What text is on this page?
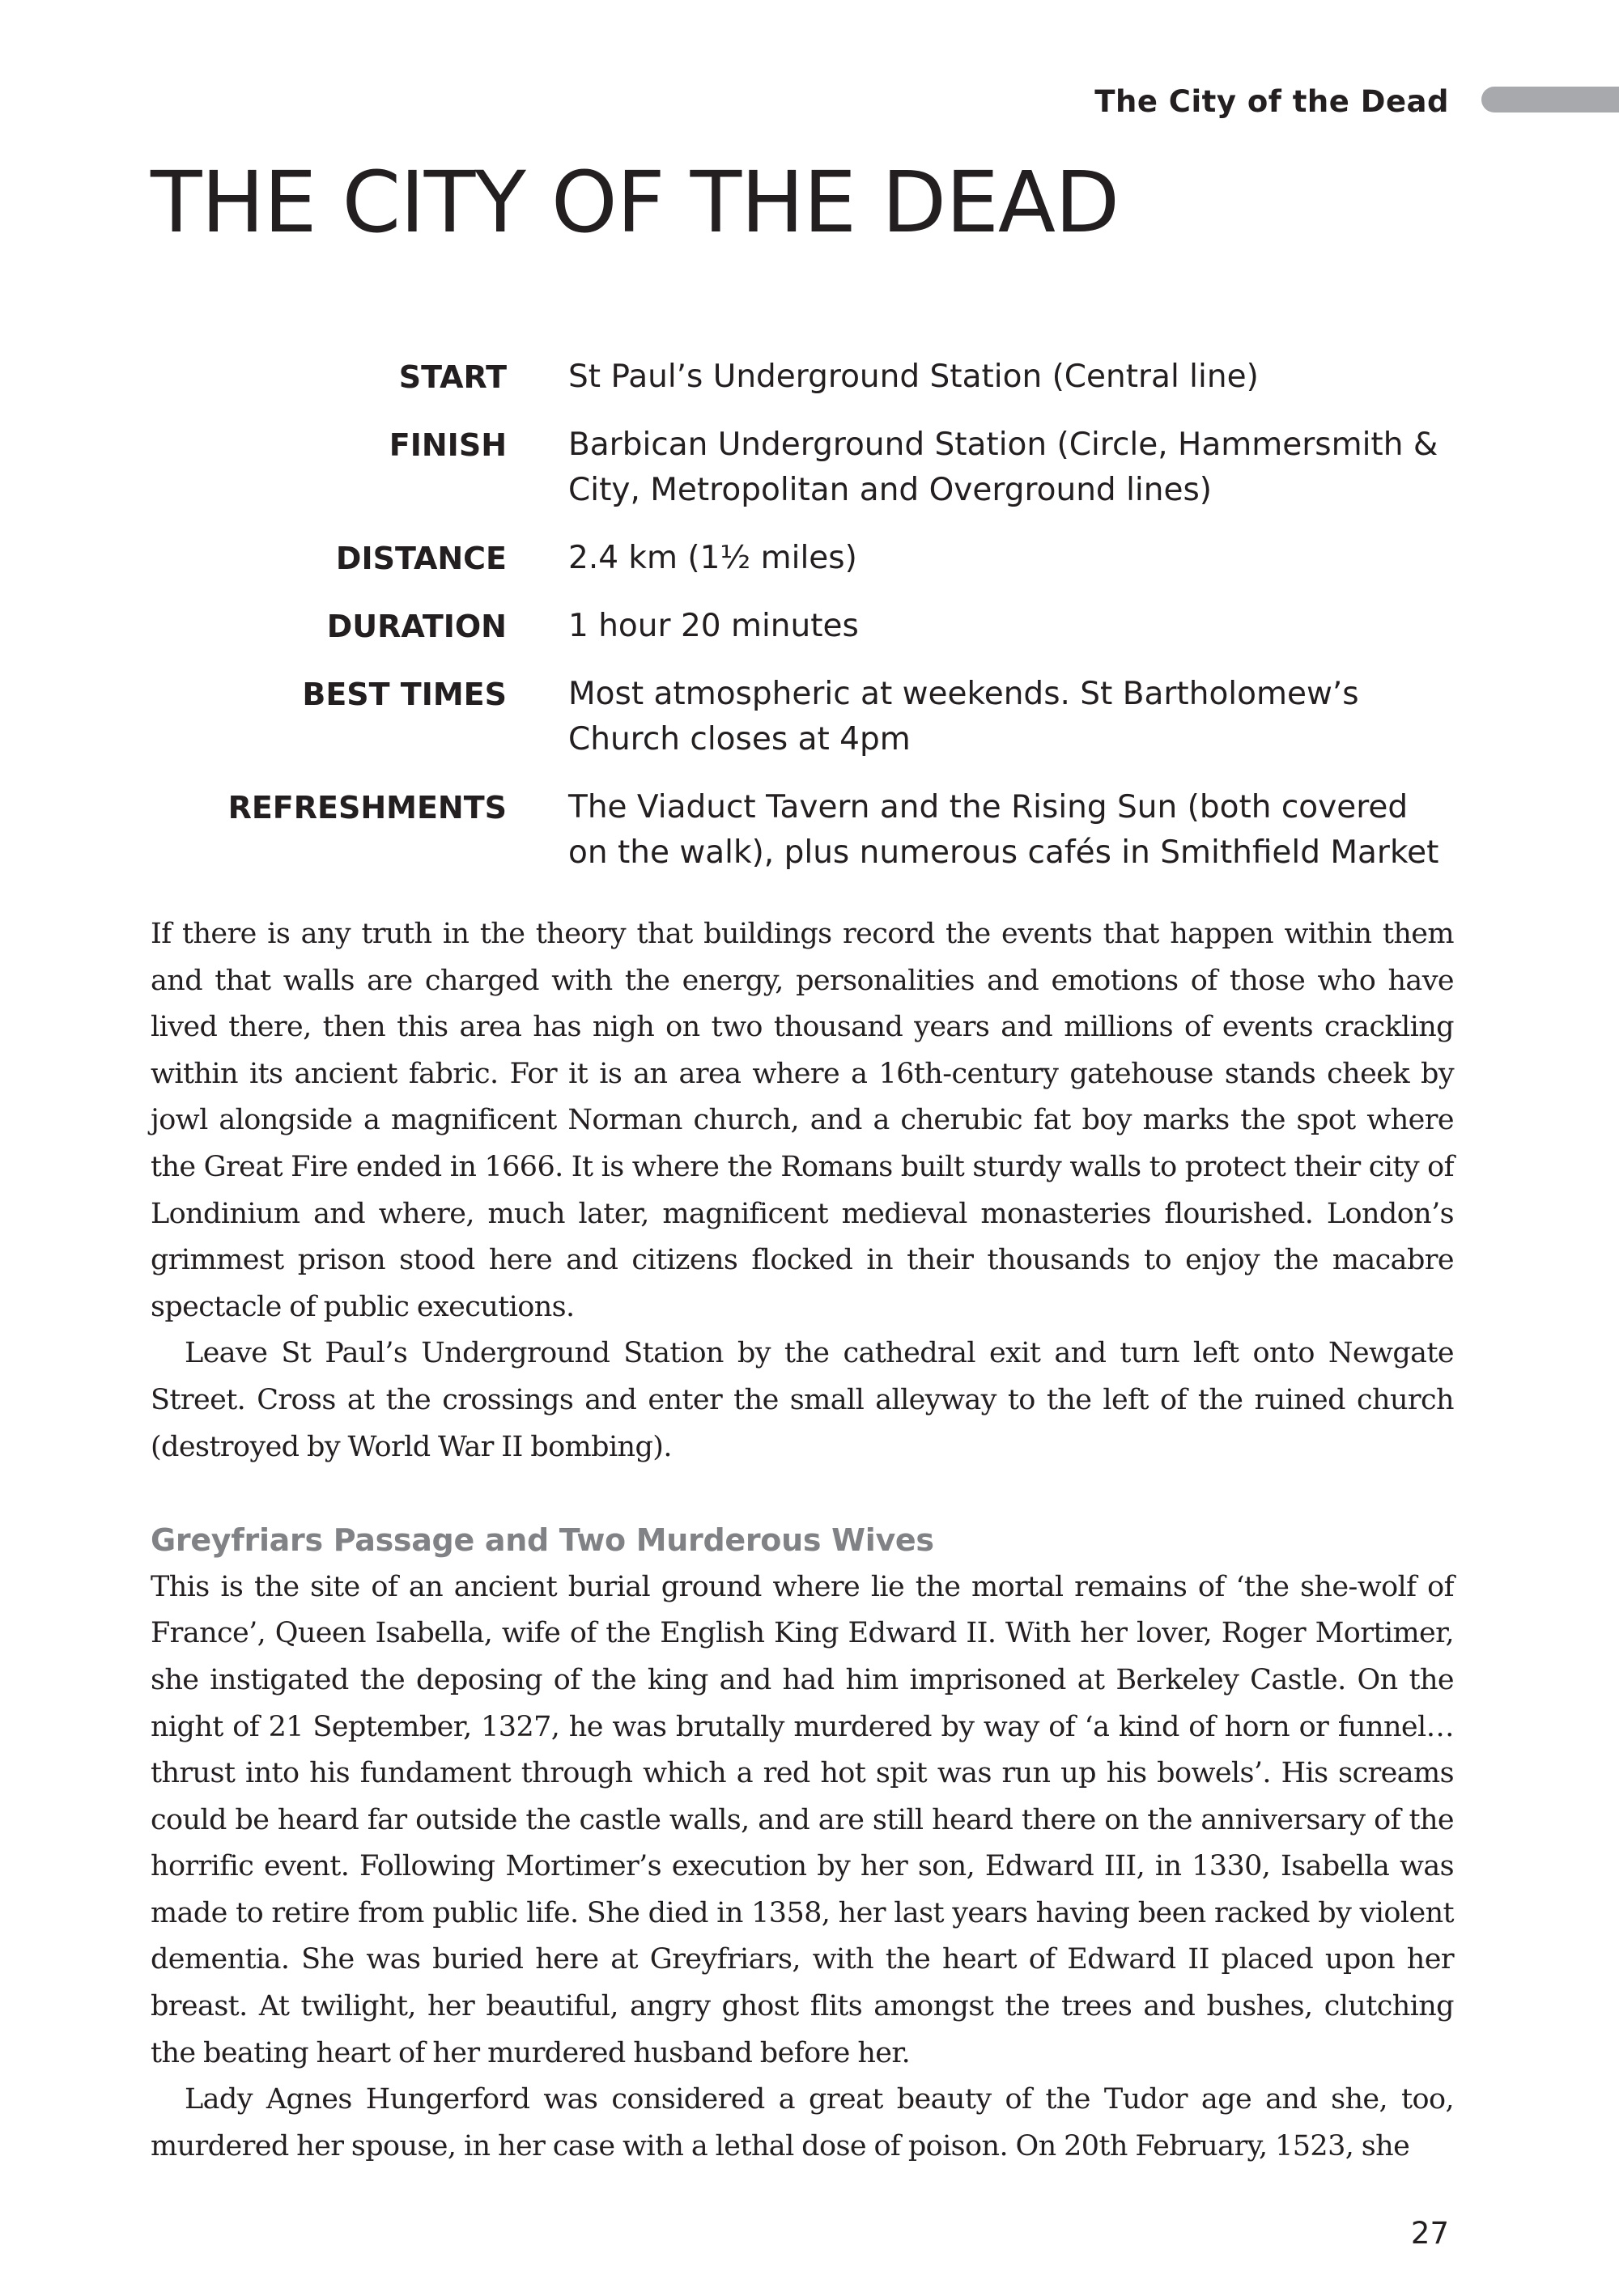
The City of the Dead
THE CITY OF THE DEAD
START St Paul’s Underground Station (Central line)
FINISH Barbican Underground Station (Circle, Hammersmith & City, Metropolitan and Overground lines)
DISTANCE 2.4 km (1½ miles)
DURATION 1 hour 20 minutes
BEST TIMES Most atmospheric at weekends. St Bartholomew’s Church closes at 4pm
REFRESHMENTS The Viaduct Tavern and the Rising Sun (both covered on the walk), plus numerous cafés in Smithfield Market

If there is any truth in the theory that buildings record the events that happen within them and that walls are charged with the energy, personalities and emotions of those who have lived there, then this area has nigh on two thousand years and millions of events crackling within its ancient fabric. For it is an area where a 16th-century gatehouse stands cheek by jowl alongside a magnificent Norman church, and a cherubic fat boy marks the spot where the Great Fire ended in 1666. It is where the Romans built sturdy walls to protect their city of Londinium and where, much later, magnificent medieval monasteries flourished. London’s grimmest prison stood here and citizens flocked in their thousands to enjoy the macabre spectacle of public executions.

Leave St Paul’s Underground Station by the cathedral exit and turn left onto Newgate Street. Cross at the crossings and enter the small alleyway to the left of the ruined church (destroyed by World War II bombing).

Greyfriars Passage and Two Murderous Wives

This is the site of an ancient burial ground where lie the mortal remains of ‘the she-wolf of France’, Queen Isabella, wife of the English King Edward II. With her lover, Roger Mortimer, she instigated the deposing of the king and had him imprisoned at Berkeley Castle. On the night of 21 September, 1327, he was brutally murdered by way of ‘a kind of horn or funnel… thrust into his fundament through which a red hot spit was run up his bowels’. His screams could be heard far outside the castle walls, and are still heard there on the anniversary of the horrific event. Following Mortimer’s execution by her son, Edward III, in 1330, Isabella was made to retire from public life. She died in 1358, her last years having been racked by violent dementia. She was buried here at Greyfriars, with the heart of Edward II placed upon her breast. At twilight, her beautiful, angry ghost flits amongst the trees and bushes, clutching the beating heart of her murdered husband before her.

Lady Agnes Hungerford was considered a great beauty of the Tudor age and she, too, murdered her spouse, in her case with a lethal dose of poison. On 20th February, 1523, she

27
